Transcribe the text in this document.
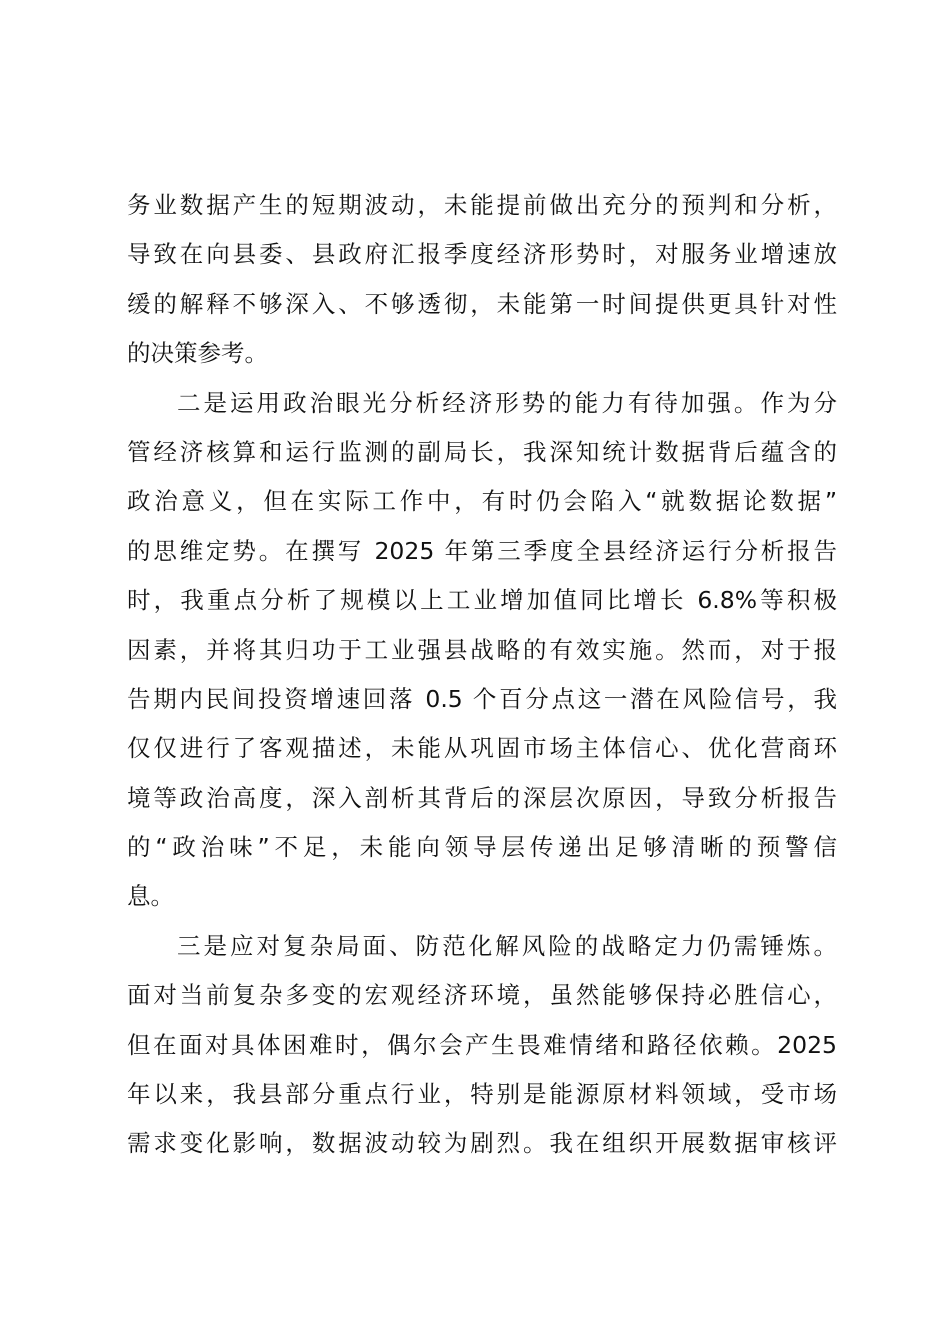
务业数据产生的短期波动，未能提前做出充分的预判和分析，
导致在向县委、县政府汇报季度经济形势时，对服务业增速放
缓的解释不够深入、不够透彻，未能第一时间提供更具针对性
的决策参考。
二是运用政治眼光分析经济形势的能力有待加强。作为分
管经济核算和运行监测的副局长，我深知统计数据背后蕴含的
政治意义，但在实际工作中，有时仍会陷入“就数据论数据”
的思维定势。在撰写 2025 年第三季度全县经济运行分析报告
时，我重点分析了规模以上工业增加值同比增长 6.8%等积极
因素，并将其归功于工业强县战略的有效实施。然而，对于报
告期内民间投资增速回落 0.5 个百分点这一潜在风险信号，我
仅仅进行了客观描述，未能从巩固市场主体信心、优化营商环
境等政治高度，深入剖析其背后的深层次原因，导致分析报告
的“政治味”不足，未能向领导层传递出足够清晰的预警信
息。
三是应对复杂局面、防范化解风险的战略定力仍需锤炼。
面对当前复杂多变的宏观经济环境，虽然能够保持必胜信心，
但在面对具体困难时，偶尔会产生畏难情绪和路径依赖。2025
年以来，我县部分重点行业，特别是能源原材料领域，受市场
需求变化影响，数据波动较为剧烈。我在组织开展数据审核评
